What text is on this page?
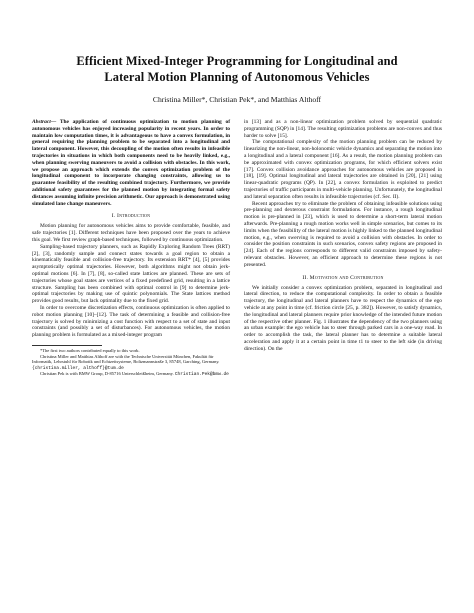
Efficient Mixed-Integer Programming for Longitudinal and
Lateral Motion Planning of Autonomous Vehicles
Christina Miller*, Christian Pek*, and Matthias Althoff

Abstract— The application of continuous optimization to motion planning of autonomous vehicles has enjoyed increasing popularity in recent years. In order to maintain low computation times, it is advantageous to have a convex formulation, in general requiring the planning problem to be separated into a longitudinal and lateral component. However, this decoupling of the motion often results in infeasible trajectories in situations in which both components need to be heavily linked, e.g., when planning swerving maneuvers to avoid a collision with obstacles. In this work, we propose an approach which extends the convex optimization problem of the longitudinal component to incorporate changing constraints, allowing us to guarantee feasibility of the resulting combined trajectory. Furthermore, we provide additional safety guarantees for the planned motion by integrating formal safety distances assuming infinite precision arithmetic. Our approach is demonstrated using simulated lane change maneuvers.

I. Introduction

Motion planning for autonomous vehicles aims to provide comfortable, feasible, and safe trajectories [1]. Different techniques have been proposed over the years to achieve this goal. We first review graph-based techniques, followed by continuous optimization.

Sampling-based trajectory planners, such as Rapidly Exploring Random Trees (RRT) [2], [3], randomly sample and connect states towards a goal region to obtain a kinematically feasible and collision-free trajectory. Its extension RRT* [4], [5] provides asymptotically optimal trajectories. However, both algorithms might not obtain jerk-optimal motions [6]. In [7], [8], so-called state lattices are planned. These are sets of trajectories whose goal states are vertices of a fixed predefined grid, resulting in a lattice structure. Sampling has been combined with optimal control in [9] to determine jerk-optimal trajectories by making use of quintic polynomials. The State lattices method provides good results, but lack optimality due to the fixed grid.

In order to overcome discretization effects, continuous optimization is often applied to robot motion planning [10]–[12]. The task of determining a feasible and collision-free trajectory is solved by minimizing a cost function with respect to a set of state and input constraints (and possibly a set of disturbances). For autonomous vehicles, the motion planning problem is formulated as a mixed-integer program

*The first two authors contributed equally to this work.

Christina Miller and Matthias Althoff are with the Technische Universität München, Fakultät für Informatik, Lehrstuhl für Robotik und Echtzeitsysteme, Boltzmannstraße 3, 85748, Garching, Germany. {christina.miller, althoff}@tum.de

Christian Pek is with BMW Group, D-85716 Unterschleißheim, Germany. Christian.Pek@bmw.de

in [13] and as a non-linear optimization problem solved by sequential quadratic programming (SQP) in [14]. The resulting optimization problems are non-convex and thus harder to solve [15].

The computational complexity of the motion planning problem can be reduced by linearizing the non-linear, non-holonomic vehicle dynamics and separating the motion into a longitudinal and a lateral component [16]. As a result, the motion planning problem can be approximated with convex optimization programs, for which efficient solvers exist [17]. Convex collision avoidance approaches for autonomous vehicles are proposed in [18], [19]. Optimal longitudinal and lateral trajectories are obtained in [20], [21] using linear-quadratic programs (QP). In [22], a convex formulation is exploited to predict trajectories of traffic participants in multi-vehicle planning. Unfortunately, the longitudinal and lateral separation often results in infeasible trajectories (cf. Sec. II).

Recent approaches try to eliminate the problem of obtaining infeasible solutions using pre-planning and dexterous constraint formulations. For instance, a rough longitudinal motion is pre-planned in [23], which is used to determine a short-term lateral motion afterwards. Pre-planning a rough motion works well in simple scenarios, but comes to its limits when the feasibility of the lateral motion is highly linked to the planned longitudinal motion, e.g., when swerving is required to avoid a collision with obstacles. In order to consider the position constraints in such scenarios, convex safety regions are proposed in [24]. Each of the regions corresponds to different valid constraints imposed by safety-relevant obstacles. However, an efficient approach to determine these regions is not presented.

II. Motivation and Contribution

We initially consider a convex optimization problem, separated in longitudinal and lateral direction, to reduce the computational complexity. In order to obtain a feasible trajectory, the longitudinal and lateral planners have to respect the dynamics of the ego vehicle at any point in time (cf. friction circle [25, p. 382]). However, to satisfy dynamics, the longitudinal and lateral planners require prior knowledge of the intended future motion of the respective other planner. Fig. 1 illustrates the dependency of the two planners using an urban example: the ego vehicle has to steer through parked cars in a one-way road. In order to accomplish the task, the lateral planner has to determine a suitable lateral acceleration and apply it at a certain point in time t1 to steer to the left side (in driving direction). On the
